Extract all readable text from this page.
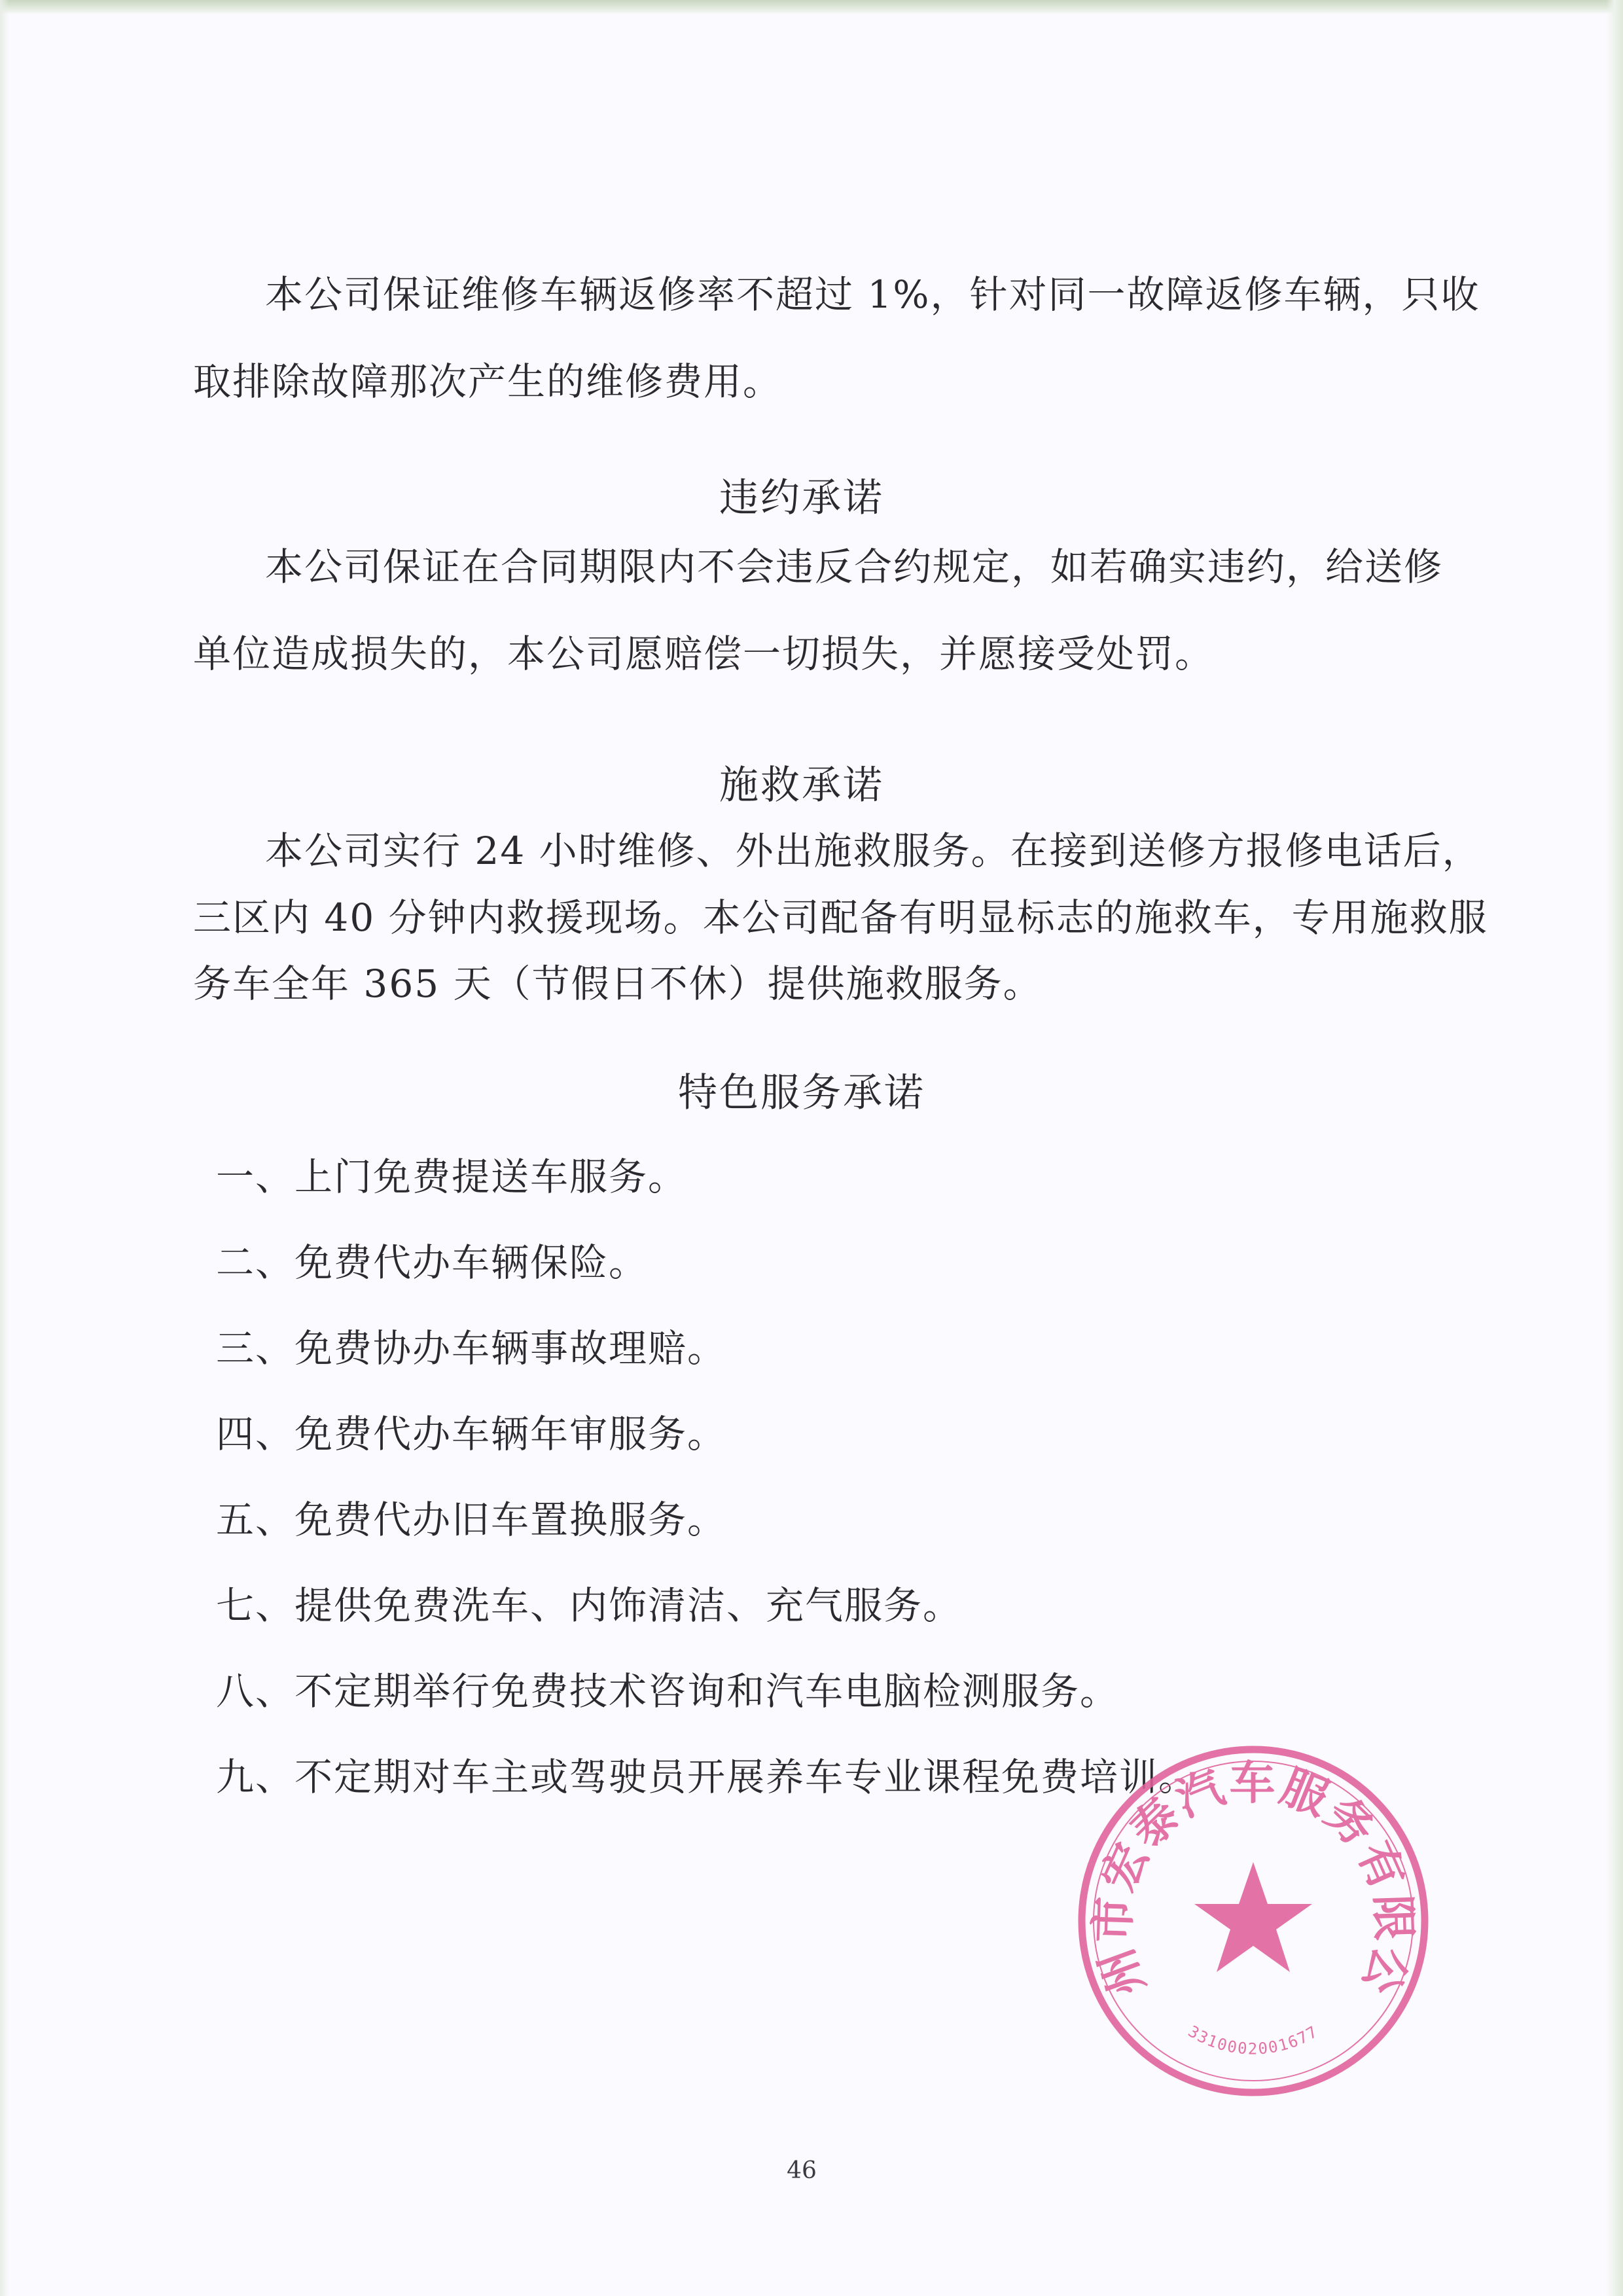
本公司保证维修车辆返修率不超过 1%，针对同一故障返修车辆，只收
取排除故障那次产生的维修费用。
违约承诺
本公司保证在合同期限内不会违反合约规定，如若确实违约，给送修
单位造成损失的，本公司愿赔偿一切损失，并愿接受处罚。
施救承诺
本公司实行 24 小时维修、外出施救服务。在接到送修方报修电话后，
三区内 40 分钟内救援现场。本公司配备有明显标志的施救车，专用施救服
务车全年 365 天（节假日不休）提供施救服务。
特色服务承诺
一、上门免费提送车服务。
二、免费代办车辆保险。
三、免费协办车辆事故理赔。
四、免费代办车辆年审服务。
五、免费代办旧车置换服务。
七、提供免费洗车、内饰清洁、充气服务。
八、不定期举行免费技术咨询和汽车电脑检测服务。
九、不定期对车主或驾驶员开展养车专业课程免费培训。
州市宏泰汽车服务有限公
3310002001677
46
